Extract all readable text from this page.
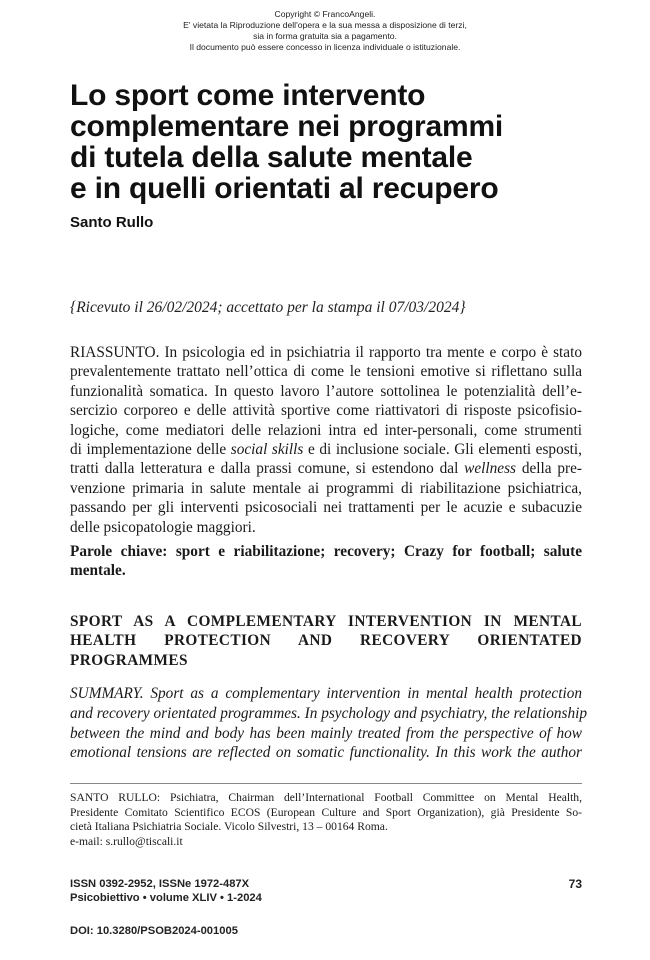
Copyright © FrancoAngeli.
E' vietata la Riproduzione dell'opera e la sua messa a disposizione di terzi,
sia in forma gratuita sia a pagamento.
Il documento può essere concesso in licenza individuale o istituzionale.
Lo sport come intervento
complementare nei programmi
di tutela della salute mentale
e in quelli orientati al recupero
Santo Rullo
{Ricevuto il 26/02/2024; accettato per la stampa il 07/03/2024}

RIASSUNTO. In psicologia ed in psichiatria il rapporto tra mente e corpo è stato
prevalentemente trattato nell’ottica di come le tensioni emotive si riflettano sulla
funzionalità somatica. In questo lavoro l’autore sottolinea le potenzialità dell’e-
sercizio corporeo e delle attività sportive come riattivatori di risposte psicofisio-
logiche, come mediatori delle relazioni intra ed inter-personali, come strumenti
di implementazione delle social skills e di inclusione sociale. Gli elementi esposti,
tratti dalla letteratura e dalla prassi comune, si estendono dal wellness della pre-
venzione primaria in salute mentale ai programmi di riabilitazione psichiatrica,
passando per gli interventi psicosociali nei trattamenti per le acuzie e subacuzie
delle psicopatologie maggiori.

Parole chiave: sport e riabilitazione; recovery; Crazy for football; salute
mentale.

SPORT AS A COMPLEMENTARY INTERVENTION IN MENTAL
HEALTH PROTECTION AND RECOVERY ORIENTATED
PROGRAMMES

SUMMARY. Sport as a complementary intervention in mental health protection
and recovery orientated programmes. In psychology and psychiatry, the relationship
between the mind and body has been mainly treated from the perspective of how
emotional tensions are reflected on somatic functionality. In this work the author

SANTO RULLO: Psichiatra, Chairman dell’International Football Committee on Mental Health,
Presidente Comitato Scientifico ECOS (European Culture and Sport Organization), già Presidente So-
cietà Italiana Psichiatria Sociale. Vicolo Silvestri, 13 – 00164 Roma.
e-mail: s.rullo@tiscali.it

ISSN 0392-2952, ISSNe 1972-487X
Psicobiettivo • volume XLIV • 1-2024
73
DOI: 10.3280/PSOB2024-001005
